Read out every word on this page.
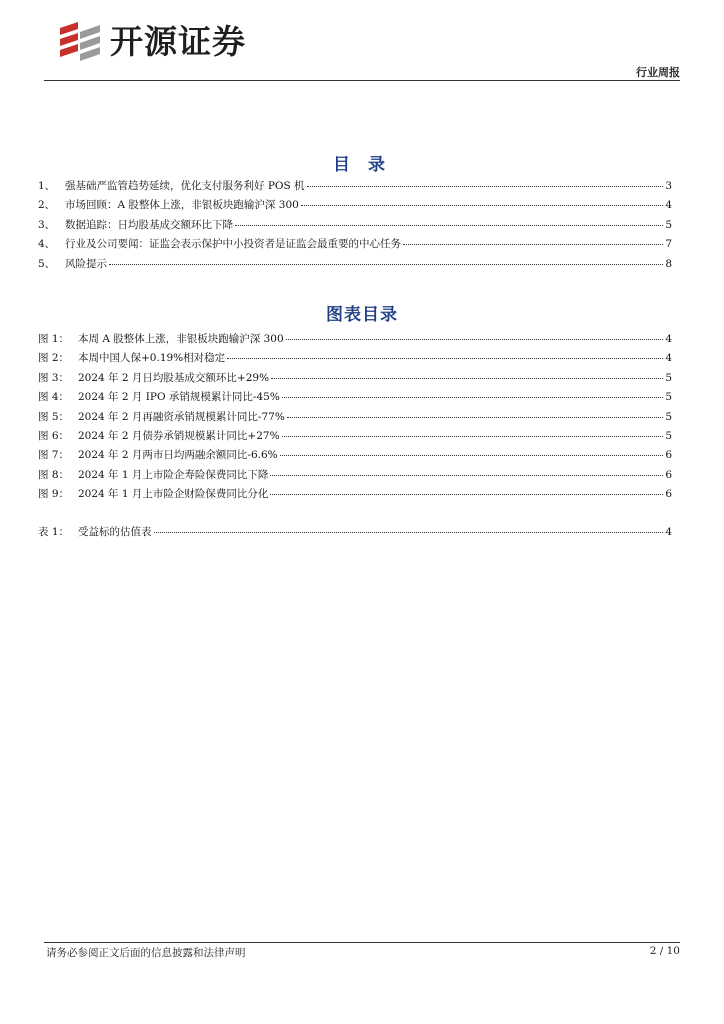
开源证券
行业周报
目 录
1、 强基础严监管趋势延续，优化支付服务利好 POS 机	3
2、 市场回顾：A 股整体上涨，非银板块跑输沪深 300	4
3、 数据追踪：日均股基成交额环比下降	5
4、 行业及公司要闻：证监会表示保护中小投资者是证监会最重要的中心任务	7
5、 风险提示	8
图表目录
图 1： 本周 A 股整体上涨，非银板块跑输沪深 300	4
图 2： 本周中国人保+0.19%相对稳定	4
图 3： 2024 年 2 月日均股基成交额环比+29%	5
图 4： 2024 年 2 月 IPO 承销规模累计同比-45%	5
图 5： 2024 年 2 月再融资承销规模累计同比-77%	5
图 6： 2024 年 2 月债券承销规模累计同比+27%	5
图 7： 2024 年 2 月两市日均两融余额同比-6.6%	6
图 8： 2024 年 1 月上市险企寿险保费同比下降	6
图 9： 2024 年 1 月上市险企财险保费同比分化	6
表 1： 受益标的估值表	4
请务必参阅正文后面的信息披露和法律声明	2 / 10
